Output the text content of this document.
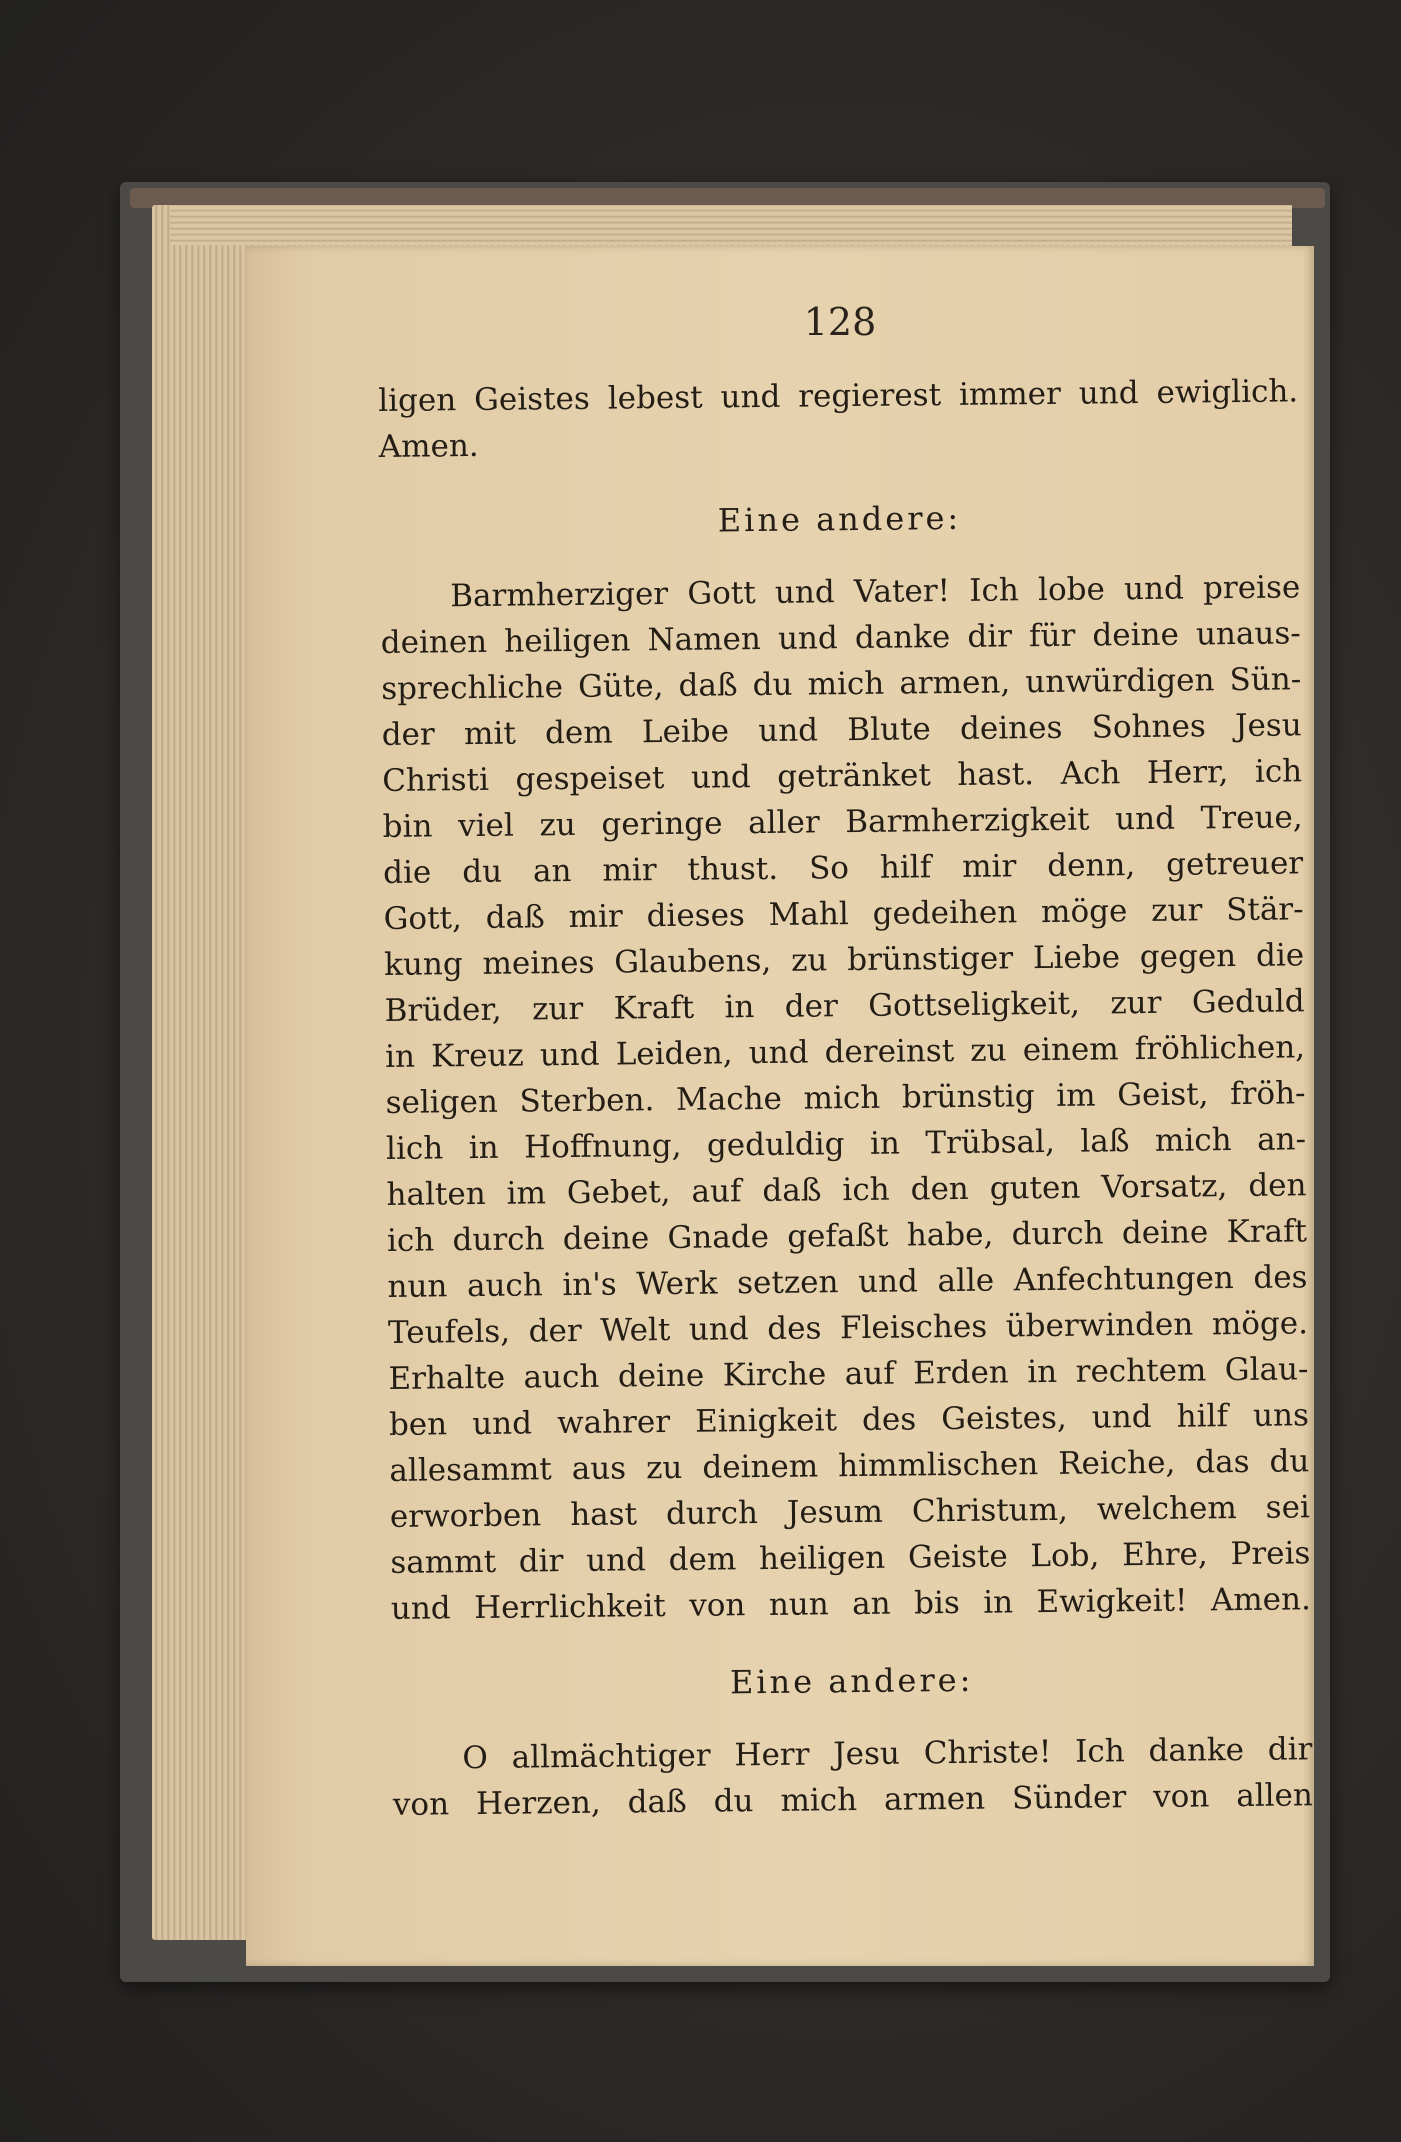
128

ligen Geistes lebest und regierest immer und ewiglich.

Amen.

Eine andere:

Barmherziger Gott und Vater! Ich lobe und preise

deinen heiligen Namen und danke dir für deine unaus-

sprechliche Güte, daß du mich armen, unwürdigen Sün-

der mit dem Leibe und Blute deines Sohnes Jesu

Christi gespeiset und getränket hast. Ach Herr, ich

bin viel zu geringe aller Barmherzigkeit und Treue,

die du an mir thust. So hilf mir denn, getreuer

Gott, daß mir dieses Mahl gedeihen möge zur Stär-

kung meines Glaubens, zu brünstiger Liebe gegen die

Brüder, zur Kraft in der Gottseligkeit, zur Geduld

in Kreuz und Leiden, und dereinst zu einem fröhlichen,

seligen Sterben. Mache mich brünstig im Geist, fröh-

lich in Hoffnung, geduldig in Trübsal, laß mich an-

halten im Gebet, auf daß ich den guten Vorsatz, den

ich durch deine Gnade gefaßt habe, durch deine Kraft

nun auch in's Werk setzen und alle Anfechtungen des

Teufels, der Welt und des Fleisches überwinden möge.

Erhalte auch deine Kirche auf Erden in rechtem Glau-

ben und wahrer Einigkeit des Geistes, und hilf uns

allesammt aus zu deinem himmlischen Reiche, das du

erworben hast durch Jesum Christum, welchem sei

sammt dir und dem heiligen Geiste Lob, Ehre, Preis

und Herrlichkeit von nun an bis in Ewigkeit! Amen.

Eine andere:

O allmächtiger Herr Jesu Christe! Ich danke dir

von Herzen, daß du mich armen Sünder von allen
